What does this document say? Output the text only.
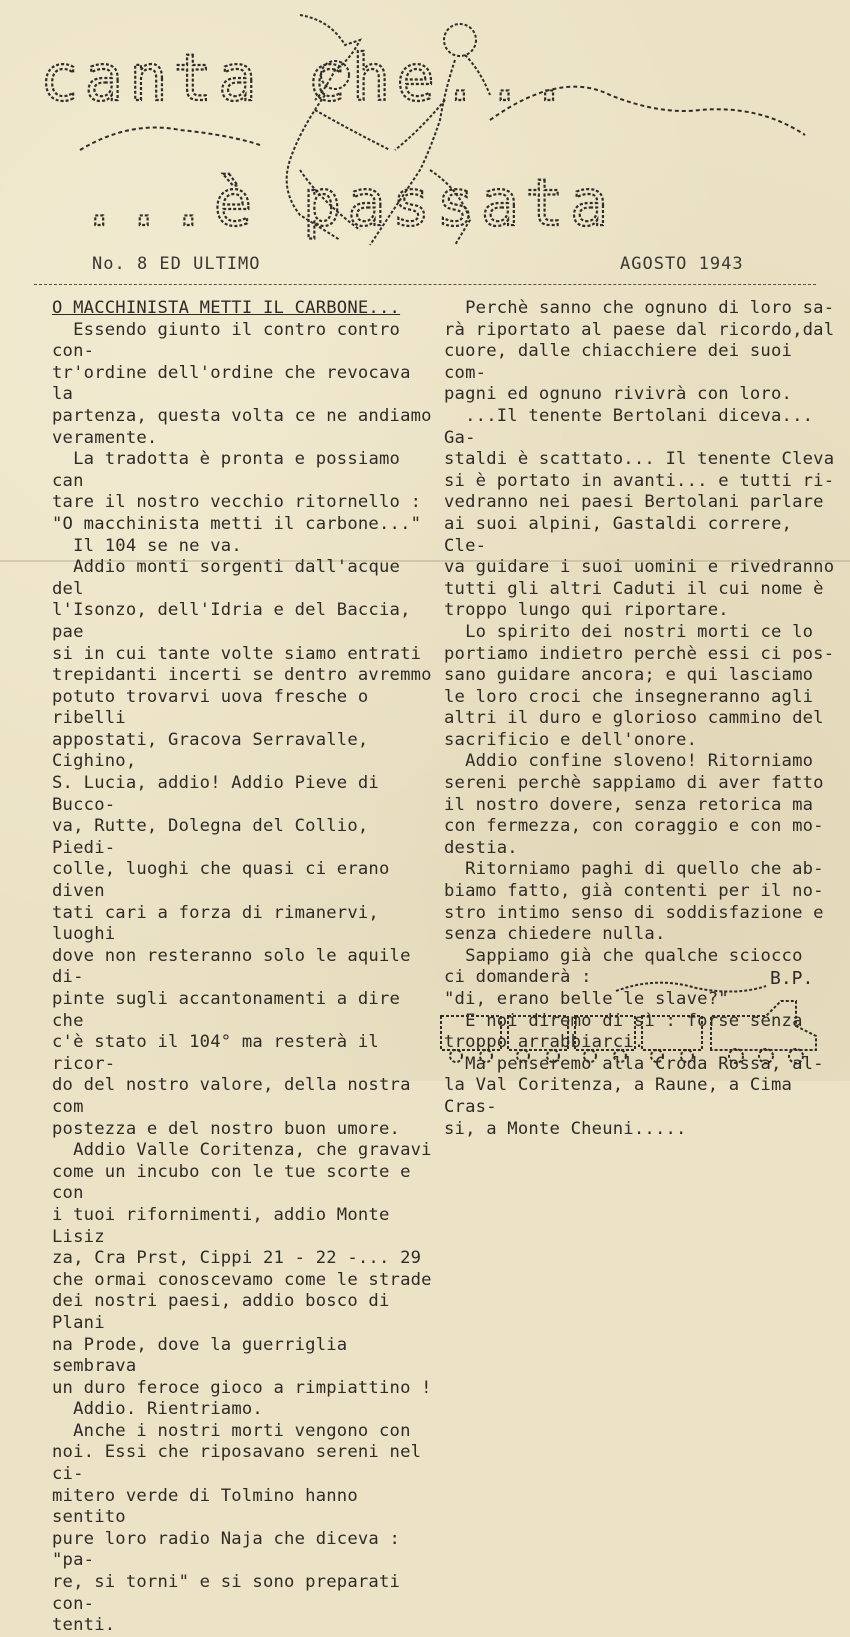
canta che...
...è passata
No. 8 ED ULTIMO	AGOSTO 1943

O MACCHINISTA METTI IL CARBONE...

Essendo giunto il contro contro con-

tr'ordine dell'ordine che revocava la

partenza, questa volta ce ne andiamo

veramente.

La tradotta è pronta e possiamo can

tare il nostro vecchio ritornello :

"O macchinista metti il carbone..."

Il 104 se ne va.

Addio monti sorgenti dall'acque del

l'Isonzo, dell'Idria e del Baccia, pae

si in cui tante volte siamo entrati

trepidanti incerti se dentro avremmo

potuto trovarvi uova fresche o ribelli

appostati, Gracova Serravalle, Cighino,

S. Lucia, addio! Addio Pieve di Bucco-

va, Rutte, Dolegna del Collio, Piedi-

colle, luoghi che quasi ci erano diven

tati cari a forza di rimanervi, luoghi

dove non resteranno solo le aquile di-

pinte sugli accantonamenti a dire che

c'è stato il 104° ma resterà il ricor-

do del nostro valore, della nostra com

postezza e del nostro buon umore.

Addio Valle Coritenza, che gravavi

come un incubo con le tue scorte e con

i tuoi rifornimenti, addio Monte Lisiz

za, Cra Prst, Cippi 21 - 22 -... 29

che ormai conoscevamo come le strade

dei nostri paesi, addio bosco di Plani

na Prode, dove la guerriglia sembrava

un duro feroce gioco a rimpiattino !

Addio. Rientriamo.

Anche i nostri morti vengono con

noi. Essi che riposavano sereni nel ci-

mitero verde di Tolmino hanno sentito

pure loro radio Naja che diceva : "pa-

re, si torni" e si sono preparati con-

tenti.

Perchè sanno che ognuno di loro sa-

rà riportato al paese dal ricordo,dal

cuore, dalle chiacchiere dei suoi com-

pagni ed ognuno rivivrà con loro.

...Il tenente Bertolani diceva... Ga-

staldi è scattato... Il tenente Cleva

si è portato in avanti... e tutti ri-

vedranno nei paesi Bertolani parlare

ai suoi alpini, Gastaldi correre, Cle-

va guidare i suoi uomini e rivedranno

tutti gli altri Caduti il cui nome è

troppo lungo qui riportare.

Lo spirito dei nostri morti ce lo

portiamo indietro perchè essi ci pos-

sano guidare ancora; e qui lasciamo

le loro croci che insegneranno agli

altri il duro e glorioso cammino del

sacrificio e dell'onore.

Addio confine sloveno! Ritorniamo

sereni perchè sappiamo di aver fatto

il nostro dovere, senza retorica ma

con fermezza, con coraggio e con mo-

destia.

Ritorniamo paghi di quello che ab-

biamo fatto, già contenti per il no-

stro intimo senso di soddisfazione e

senza chiedere nulla.

Sappiamo già che qualche sciocco

ci domanderà :

"di, erano belle le slave?"

E noi diremo di sì : forse senza

troppo arrabbiarci.

Ma penseremo alla Croda Rossa, al-

la Val Coritenza, a Raune, a Cima Cras-

si, a Monte Cheuni.....

B.P.
